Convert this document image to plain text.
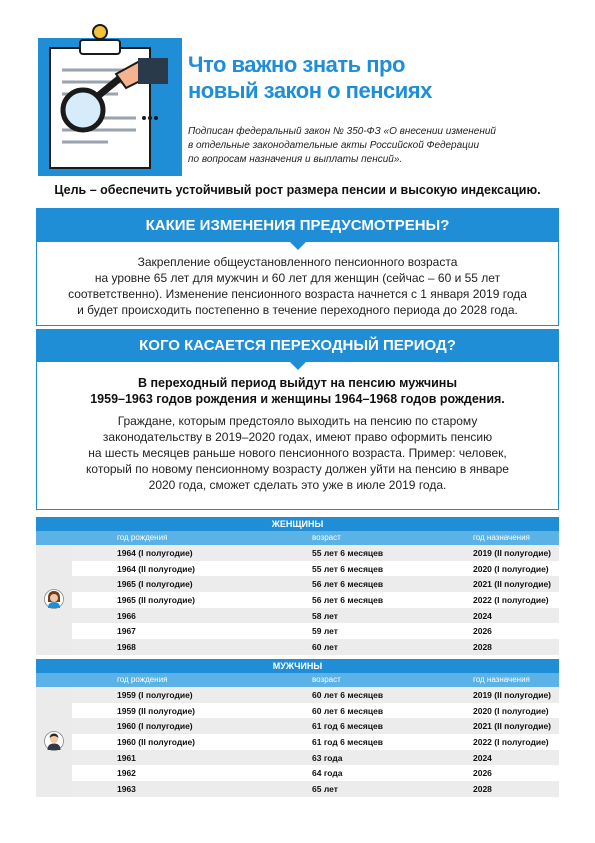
Что важно знать про
новый закон о пенсиях
Подписан федеральный закон № 350-ФЗ «О внесении изменений
в отдельные законодательные акты Российской Федерации
по вопросам назначения и выплаты пенсий».
Цель – обеспечить устойчивый рост размера пенсии и высокую индексацию.
КАКИЕ ИЗМЕНЕНИЯ ПРЕДУСМОТРЕНЫ?
Закрепление общеустановленного пенсионного возраста
на уровне 65 лет для мужчин и 60 лет для женщин (сейчас – 60 и 55 лет
соответственно). Изменение пенсионного возраста начнется с 1 января 2019 года
и будет происходить постепенно в течение переходного периода до 2028 года.
КОГО КАСАЕТСЯ ПЕРЕХОДНЫЙ ПЕРИОД?
В переходный период выйдут на пенсию мужчины
1959–1963 годов рождения и женщины 1964–1968 годов рождения.
Граждане, которым предстояло выходить на пенсию по старому
законодательству в 2019–2020 годах, имеют право оформить пенсию
на шесть месяцев раньше нового пенсионного возраста. Пример: человек,
который по новому пенсионному возрасту должен уйти на пенсию в январе
2020 года, сможет сделать это уже в июле 2019 года.
ЖЕНЩИНЫ
год рождения	возраст	год назначения
1964 (I полугодие)	55 лет 6 месяцев	2019 (II полугодие)
1964 (II полугодие)	55 лет 6 месяцев	2020 (I полугодие)
1965 (I полугодие)	56 лет 6 месяцев	2021 (II полугодие)
1965 (II полугодие)	56 лет 6 месяцев	2022 (I полугодие)
1966	58 лет	2024
1967	59 лет	2026
1968	60 лет	2028
МУЖЧИНЫ
год рождения	возраст	год назначения
1959 (I полугодие)	60 лет 6 месяцев	2019 (II полугодие)
1959 (II полугодие)	60 лет 6 месяцев	2020 (I полугодие)
1960 (I полугодие)	61 год 6 месяцев	2021 (II полугодие)
1960 (II полугодие)	61 год 6 месяцев	2022 (I полугодие)
1961	63 года	2024
1962	64 года	2026
1963	65 лет	2028
